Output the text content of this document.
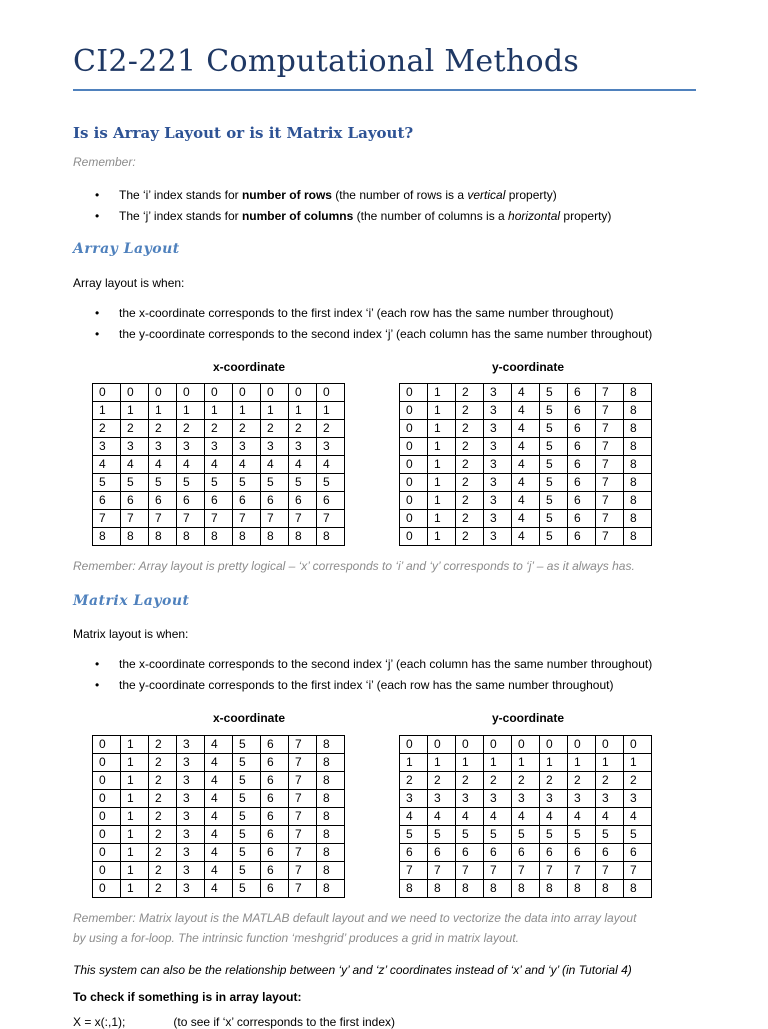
CI2-221 Computational Methods
Is is Array Layout or is it Matrix Layout?

Remember:

• The ‘i’ index stands for number of rows (the number of rows is a vertical property)
• The ‘j’ index stands for number of columns (the number of columns is a horizontal property)
Array Layout

Array layout is when:

• the x-coordinate corresponds to the first index ‘i’ (each row has the same number throughout)
• the y-coordinate corresponds to the second index ‘j’ (each column has the same number throughout)
x-coordinate	y-coordinate
0	0	0	0	0	0	0	0	0
1	1	1	1	1	1	1	1	1
2	2	2	2	2	2	2	2	2
3	3	3	3	3	3	3	3	3
4	4	4	4	4	4	4	4	4
5	5	5	5	5	5	5	5	5
6	6	6	6	6	6	6	6	6
7	7	7	7	7	7	7	7	7
8	8	8	8	8	8	8	8	8
0	1	2	3	4	5	6	7	8
0	1	2	3	4	5	6	7	8
0	1	2	3	4	5	6	7	8
0	1	2	3	4	5	6	7	8
0	1	2	3	4	5	6	7	8
0	1	2	3	4	5	6	7	8
0	1	2	3	4	5	6	7	8
0	1	2	3	4	5	6	7	8
0	1	2	3	4	5	6	7	8

Remember: Array layout is pretty logical – ‘x’ corresponds to ‘i’ and ‘y’ corresponds to ‘j’ – as it always has.

Matrix Layout

Matrix layout is when:

• the x-coordinate corresponds to the second index ‘j’ (each column has the same number throughout)
• the y-coordinate corresponds to the first index ‘i’ (each row has the same number throughout)
x-coordinate	y-coordinate
0	1	2	3	4	5	6	7	8
0	1	2	3	4	5	6	7	8
0	1	2	3	4	5	6	7	8
0	1	2	3	4	5	6	7	8
0	1	2	3	4	5	6	7	8
0	1	2	3	4	5	6	7	8
0	1	2	3	4	5	6	7	8
0	1	2	3	4	5	6	7	8
0	1	2	3	4	5	6	7	8
0	0	0	0	0	0	0	0	0
1	1	1	1	1	1	1	1	1
2	2	2	2	2	2	2	2	2
3	3	3	3	3	3	3	3	3
4	4	4	4	4	4	4	4	4
5	5	5	5	5	5	5	5	5
6	6	6	6	6	6	6	6	6
7	7	7	7	7	7	7	7	7
8	8	8	8	8	8	8	8	8

Remember: Matrix layout is the MATLAB default layout and we need to vectorize the data into array layout

by using a for-loop. The intrinsic function ‘meshgrid’ produces a grid in matrix layout.

This system can also be the relationship between ‘y’ and ‘z’ coordinates instead of ‘x’ and ‘y’ (in Tutorial 4)

To check if something is in array layout:

X = x(:,1);	(to see if ‘x’ corresponds to the first index)
